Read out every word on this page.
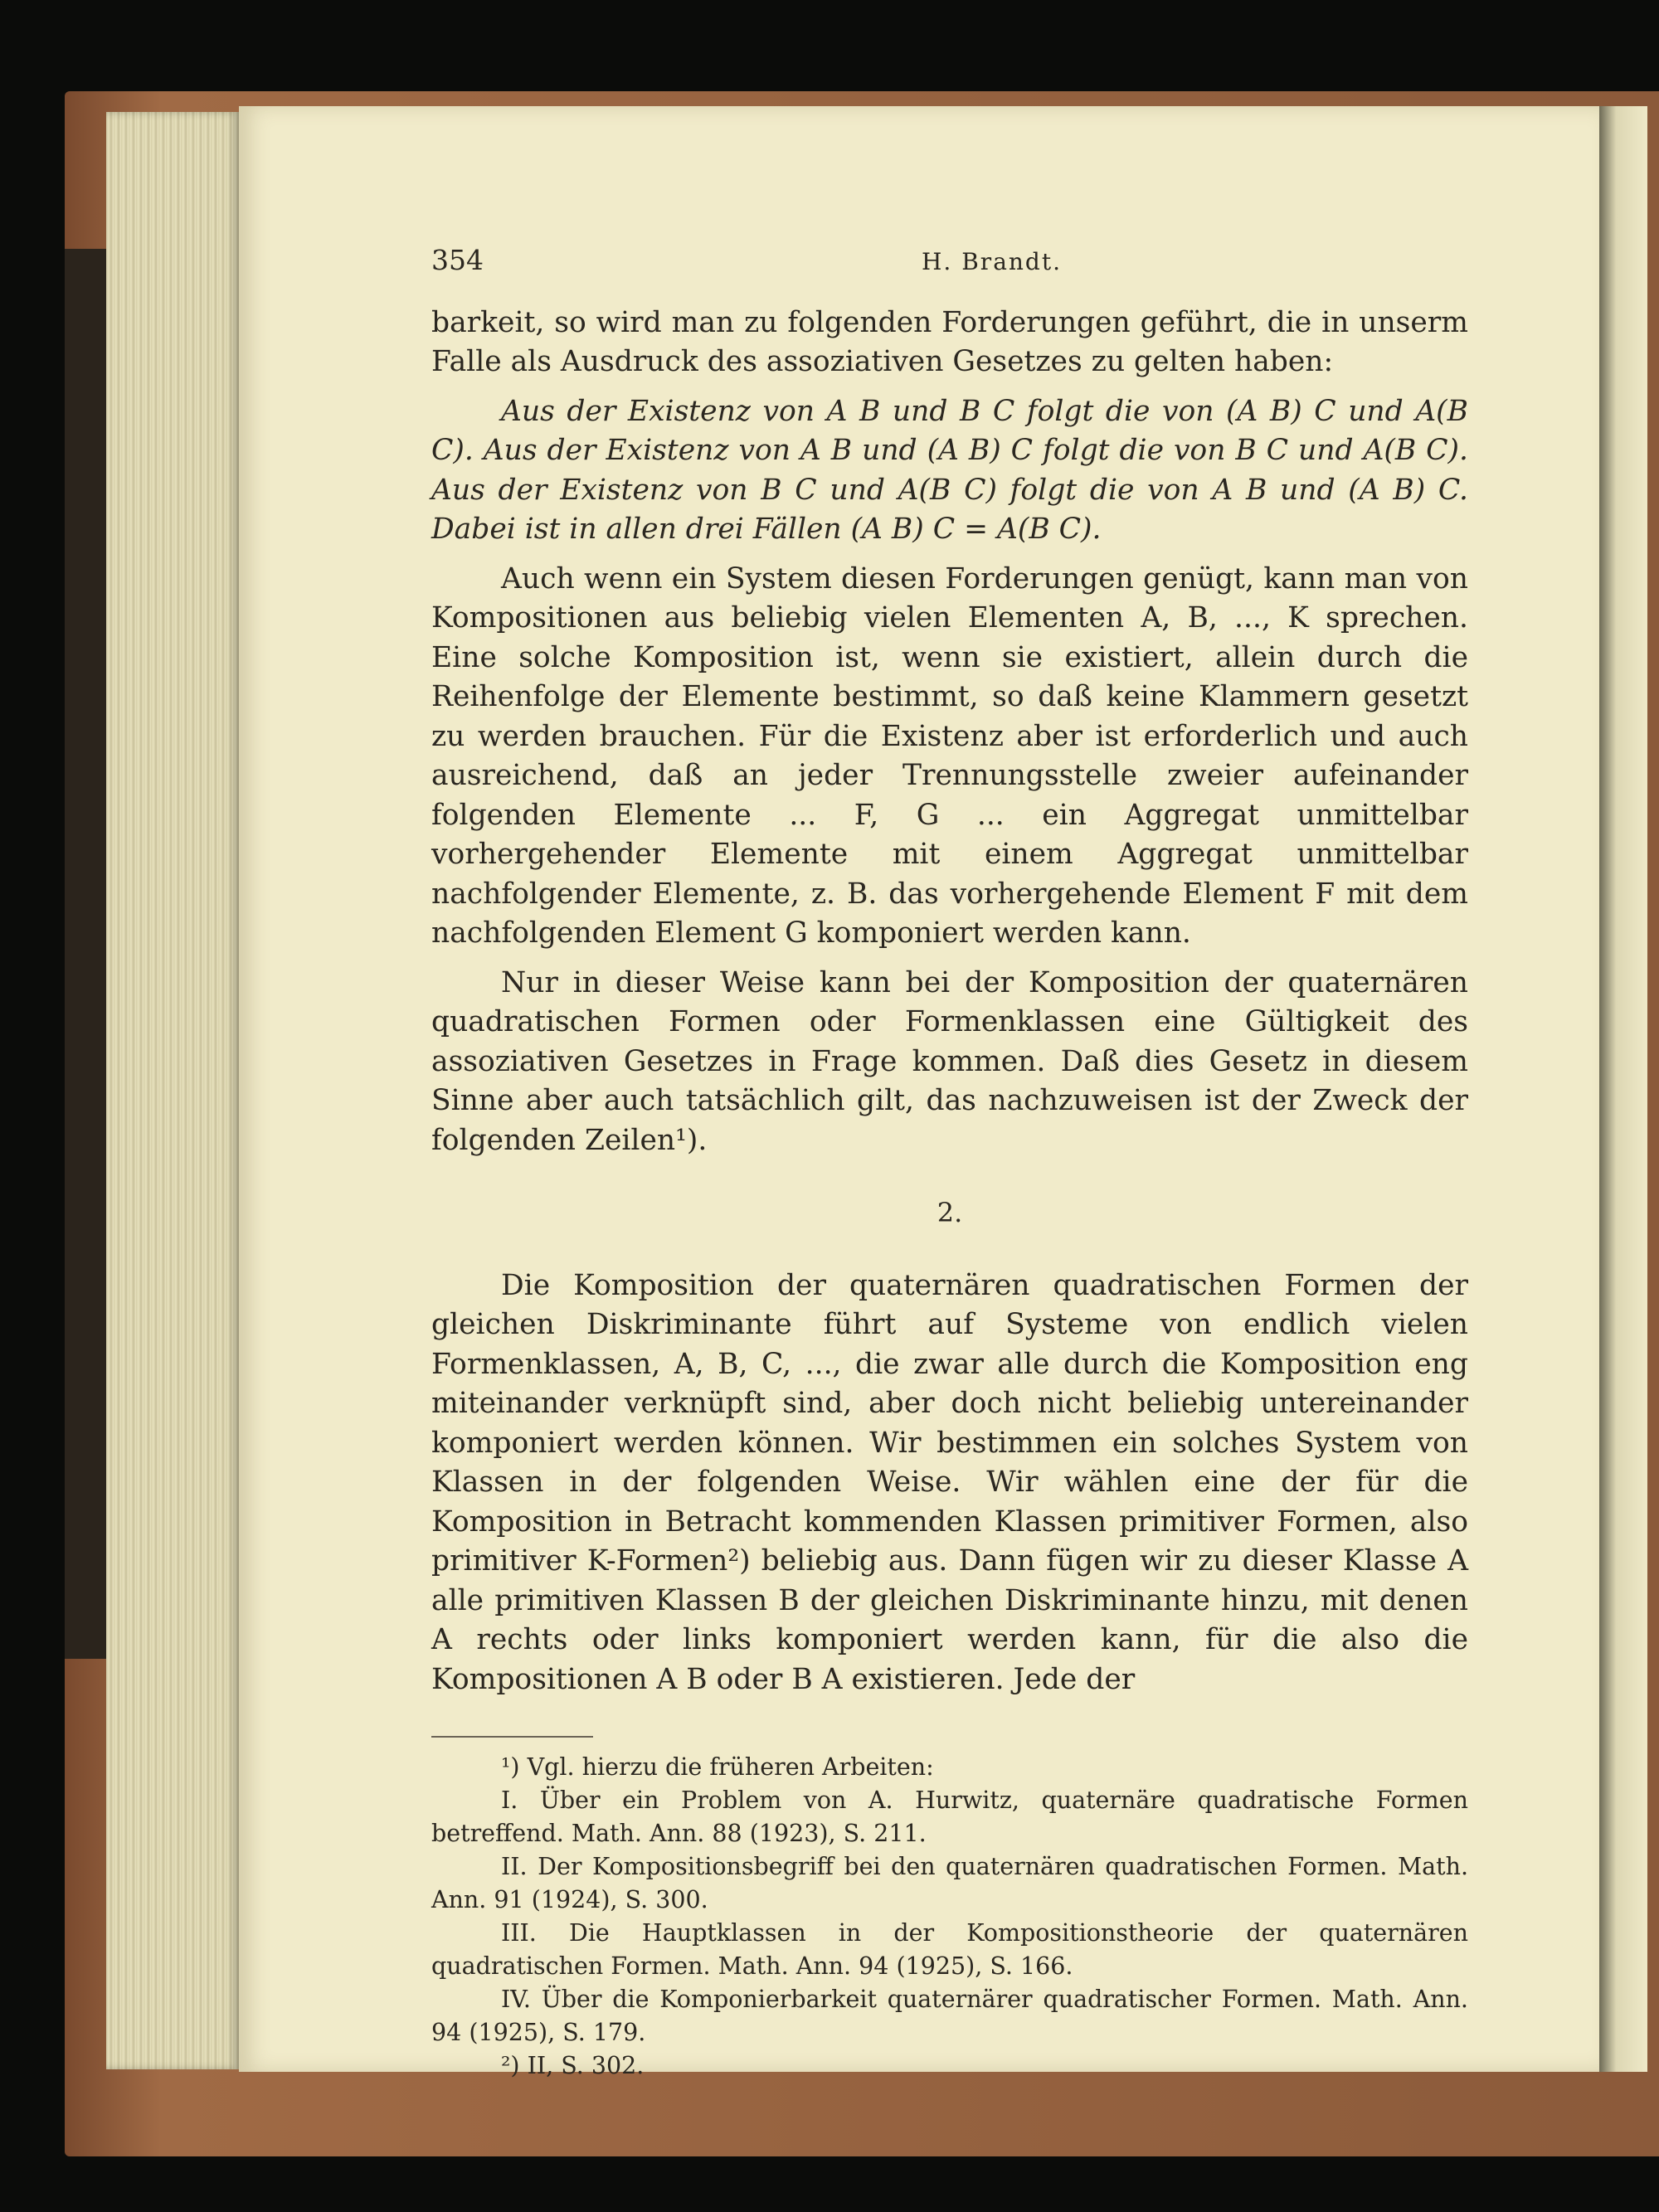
354	H. Brandt.

barkeit, so wird man zu folgenden Forderungen geführt, die in unserm Falle als Ausdruck des assoziativen Gesetzes zu gelten haben:

Aus der Existenz von A B und B C folgt die von (A B) C und A(B C). Aus der Existenz von A B und (A B) C folgt die von B C und A(B C). Aus der Existenz von B C und A(B C) folgt die von A B und (A B) C. Dabei ist in allen drei Fällen (A B) C = A(B C).

Auch wenn ein System diesen Forderungen genügt, kann man von Kompositionen aus beliebig vielen Elementen A, B, ..., K sprechen. Eine solche Komposition ist, wenn sie existiert, allein durch die Reihenfolge der Elemente bestimmt, so daß keine Klammern gesetzt zu werden brauchen. Für die Existenz aber ist erforderlich und auch ausreichend, daß an jeder Trennungsstelle zweier aufeinander folgenden Elemente ... F, G ... ein Aggregat unmittelbar vorhergehender Elemente mit einem Aggregat unmittelbar nachfolgender Elemente, z. B. das vorhergehende Element F mit dem nachfolgenden Element G komponiert werden kann.

Nur in dieser Weise kann bei der Komposition der quaternären quadratischen Formen oder Formenklassen eine Gültigkeit des assoziativen Gesetzes in Frage kommen. Daß dies Gesetz in diesem Sinne aber auch tatsächlich gilt, das nachzuweisen ist der Zweck der folgenden Zeilen¹).

2.

Die Komposition der quaternären quadratischen Formen der gleichen Diskriminante führt auf Systeme von endlich vielen Formenklassen, A, B, C, ..., die zwar alle durch die Komposition eng miteinander verknüpft sind, aber doch nicht beliebig untereinander komponiert werden können. Wir bestimmen ein solches System von Klassen in der folgenden Weise. Wir wählen eine der für die Komposition in Betracht kommenden Klassen primitiver Formen, also primitiver K-Formen²) beliebig aus. Dann fügen wir zu dieser Klasse A alle primitiven Klassen B der gleichen Diskriminante hinzu, mit denen A rechts oder links komponiert werden kann, für die also die Kompositionen A B oder B A existieren. Jede der

¹) Vgl. hierzu die früheren Arbeiten:

I. Über ein Problem von A. Hurwitz, quaternäre quadratische Formen betreffend. Math. Ann. 88 (1923), S. 211.

II. Der Kompositionsbegriff bei den quaternären quadratischen Formen. Math. Ann. 91 (1924), S. 300.

III. Die Hauptklassen in der Kompositionstheorie der quaternären quadratischen Formen. Math. Ann. 94 (1925), S. 166.

IV. Über die Komponierbarkeit quaternärer quadratischer Formen. Math. Ann. 94 (1925), S. 179.

²) II, S. 302.
